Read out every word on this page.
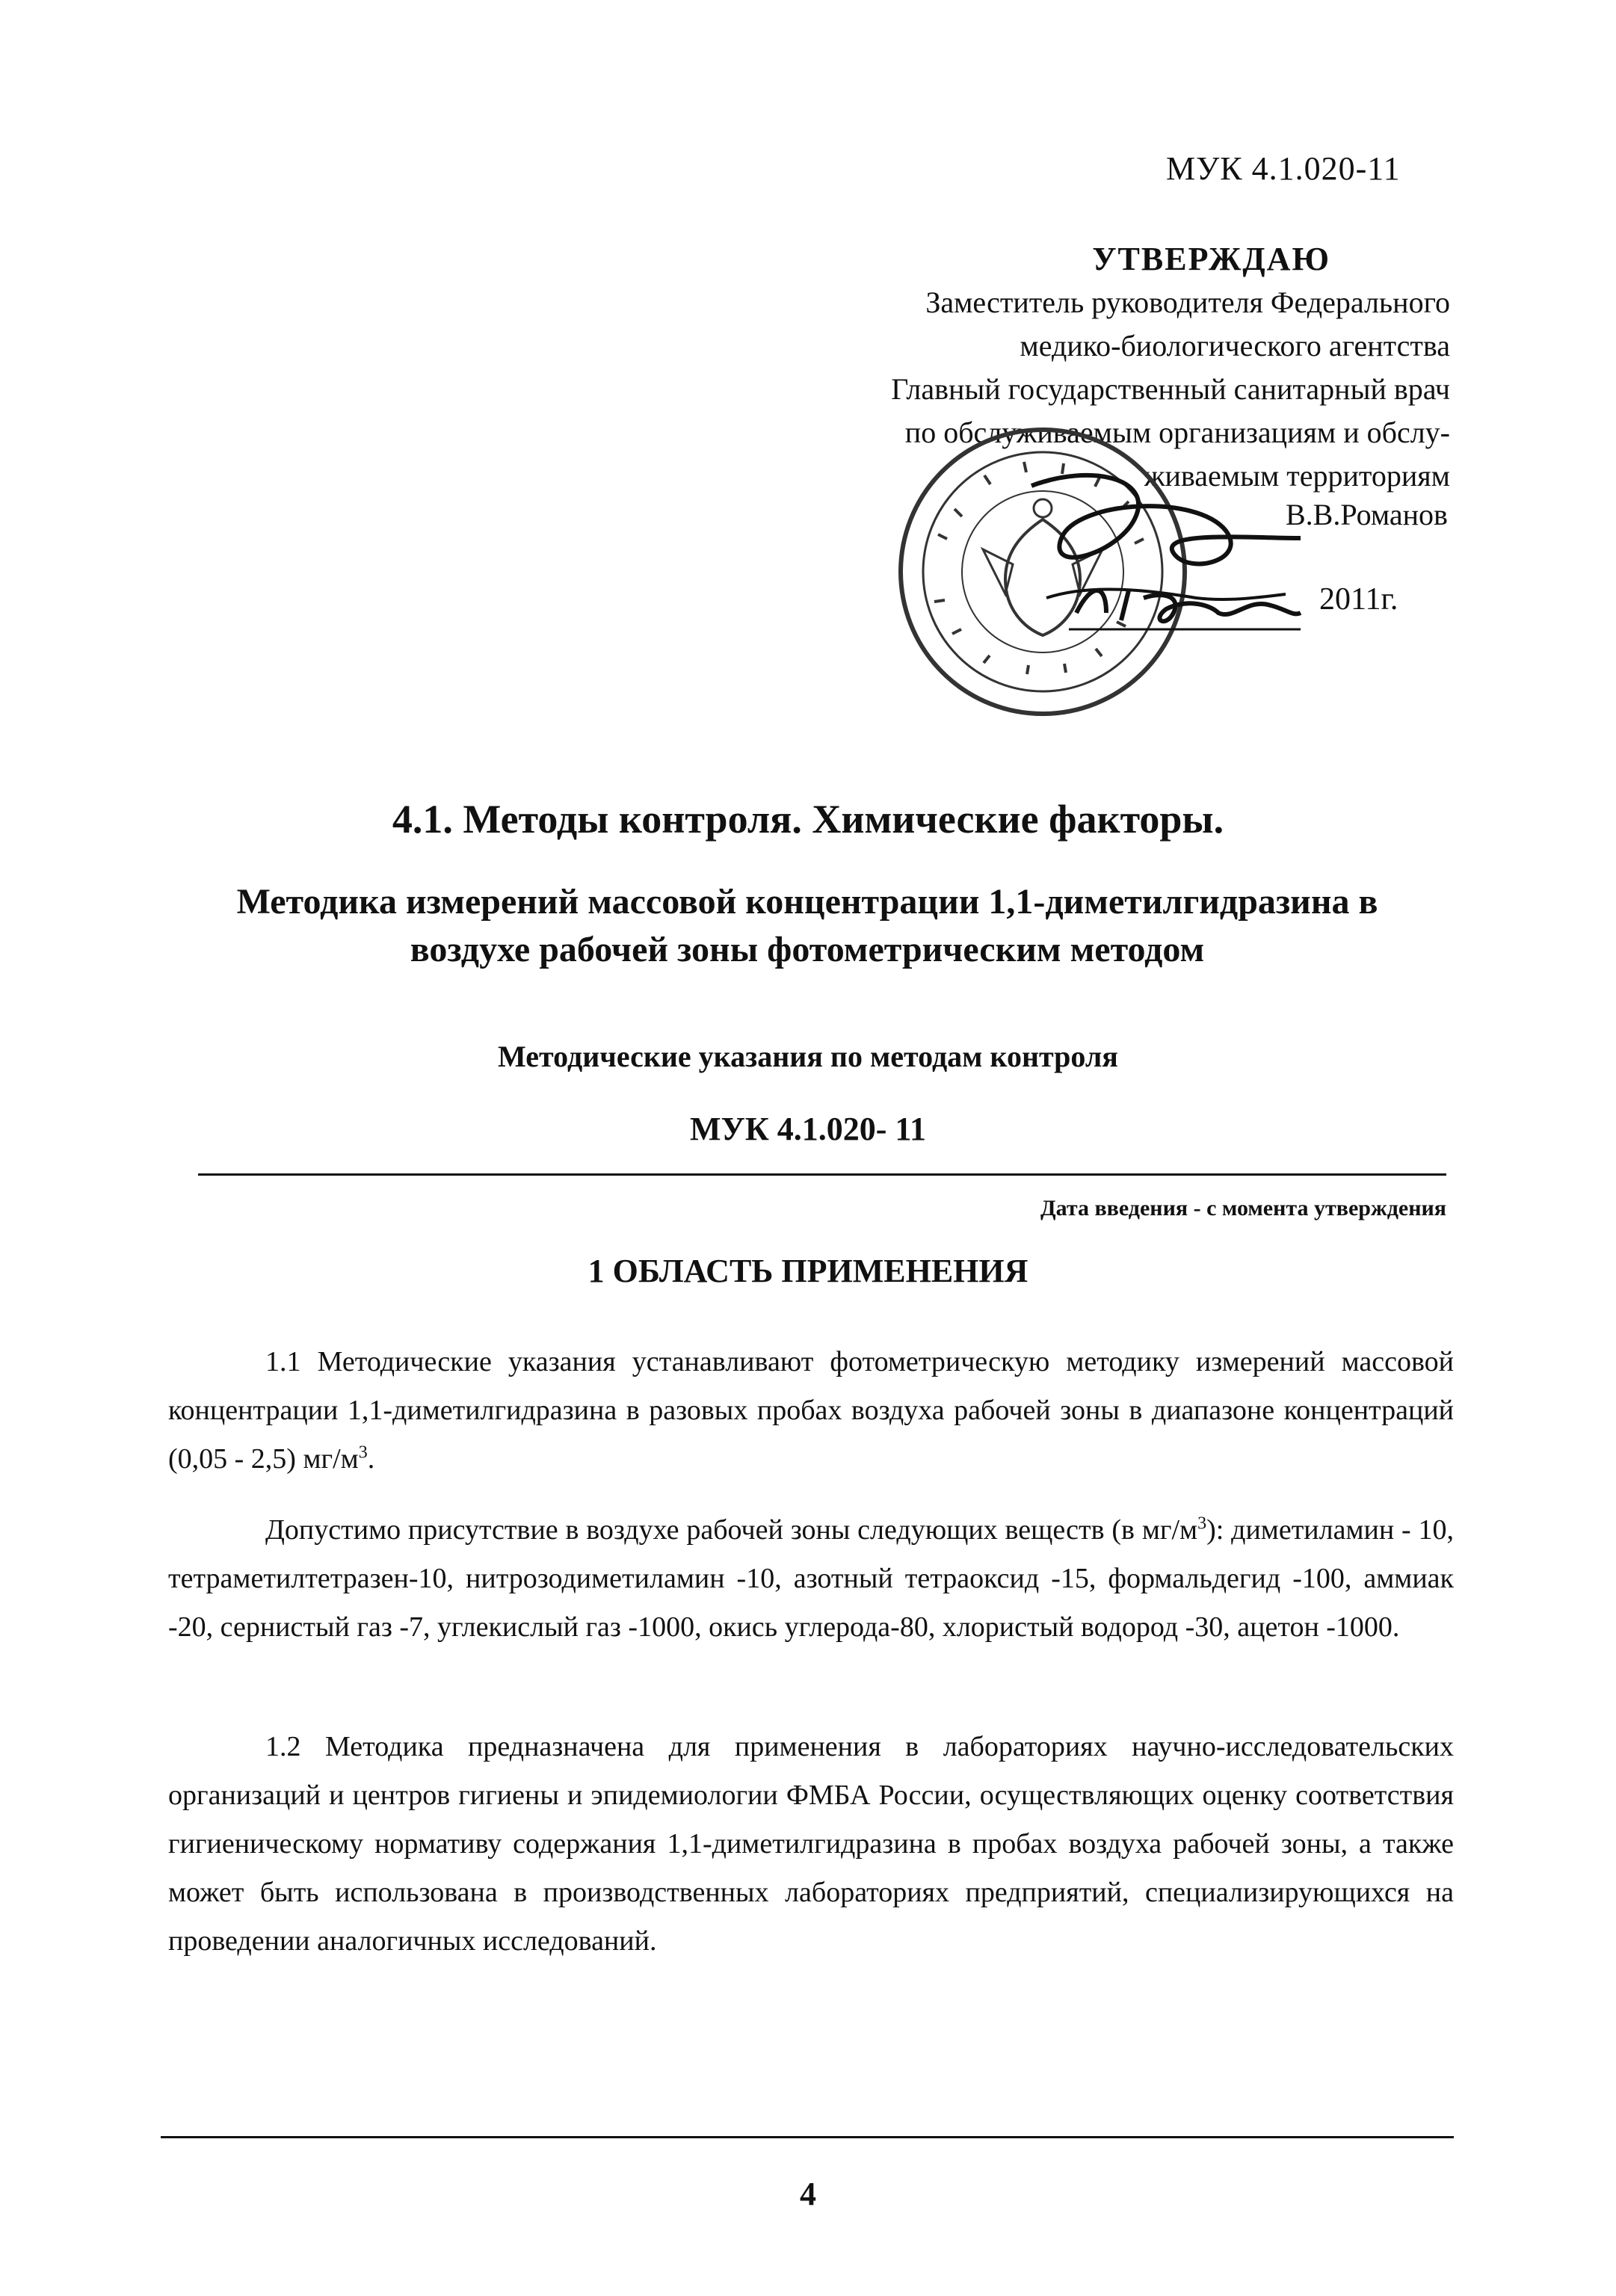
МУК 4.1.020-11
УТВЕРЖДАЮ
Заместитель руководителя Федерального
медико-биологического агентства
Главный государственный санитарный врач
по обслуживаемым организациям и обслу-
живаемым территориям
В.В.Романов
2011г.
4.1. Методы контроля. Химические факторы.
Методика измерений массовой концентрации 1,1-диметилгидразина в
воздухе рабочей зоны фотометрическим методом
Методические указания по методам контроля
МУК 4.1.020- 11
Дата введения - с момента утверждения
1 ОБЛАСТЬ ПРИМЕНЕНИЯ
1.1 Методические указания устанавливают фотометрическую методику измерений массовой концентрации 1,1-диметилгидразина в разовых пробах воздуха рабочей зоны в диапазоне концентраций (0,05 - 2,5) $мг/м^3$.
Допустимо присутствие в воздухе рабочей зоны следующих веществ (в $мг/м^3$): диметиламин - 10, тетраметилтетразен-10, нитрозодиметиламин -10, азотный тетраоксид -15, формальдегид -100, аммиак -20, сернистый газ -7, углекислый газ -1000, окись углерода-80, хлористый водород -30, ацетон -1000.
1.2 Методика предназначена для применения в лабораториях научно-исследовательских организаций и центров гигиены и эпидемиологии ФМБА России, осуществляющих оценку соответствия гигиеническому нормативу содержания 1,1-диметилгидразина в пробах воздуха рабочей зоны, а также может быть использована в производственных лабораториях предприятий, специализирующихся на проведении аналогичных исследований.
4
